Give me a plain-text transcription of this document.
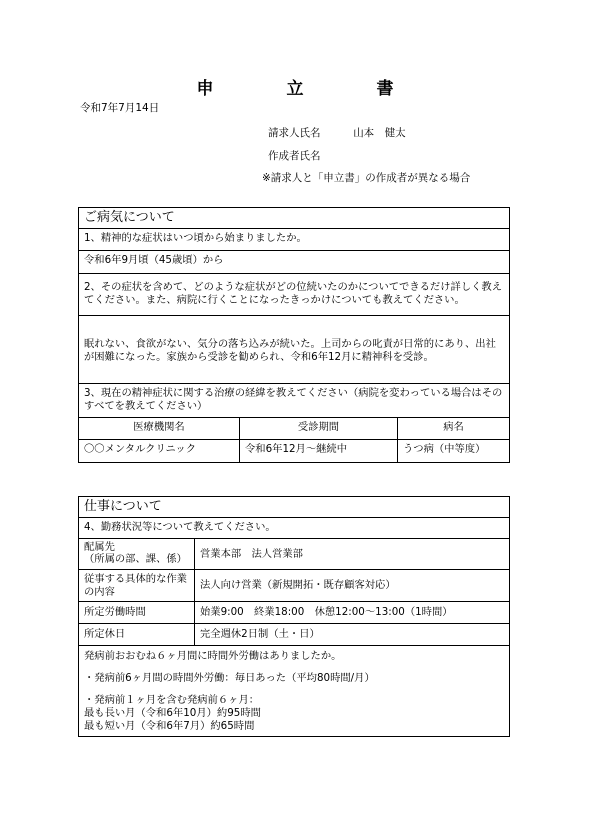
申　立　書
令和7年7月14日
請求人氏名	山本　健太
作成者氏名
※請求人と「申立書」の作成者が異なる場合
ご病気について
1、精神的な症状はいつ頃から始まりましたか。
令和6年9月頃（45歳頃）から
2、その症状を含めて、どのような症状がどの位続いたのかについてできるだけ詳しく教えてください。また、病院に行くことになったきっかけについても教えてください。
眠れない、食欲がない、気分の落ち込みが続いた。上司からの叱責が日常的にあり、出社が困難になった。家族から受診を勧められ、令和6年12月に精神科を受診。
3、現在の精神症状に関する治療の経緯を教えてください（病院を変わっている場合はそのすべてを教えてください）
医療機関名	受診期間	病名
〇〇メンタルクリニック	令和6年12月～継続中	うつ病（中等度）
仕事について
4、勤務状況等について教えてください。
配属先
（所属の部、課、係）	営業本部　法人営業部
従事する具体的な作業の内容
法人向け営業（新規開拓・既存顧客対応）
所定労働時間	始業9:00　終業18:00　休憩12:00～13:00（1時間）
所定休日	完全週休2日制（土・日）
発病前おおむね６ヶ月間に時間外労働はありましたか。
・発病前6ヶ月間の時間外労働：毎日あった（平均80時間/月）
・発病前１ヶ月を含む発病前６ヶ月：
最も長い月（令和6年10月）約95時間
最も短い月（令和6年7月）約65時間
